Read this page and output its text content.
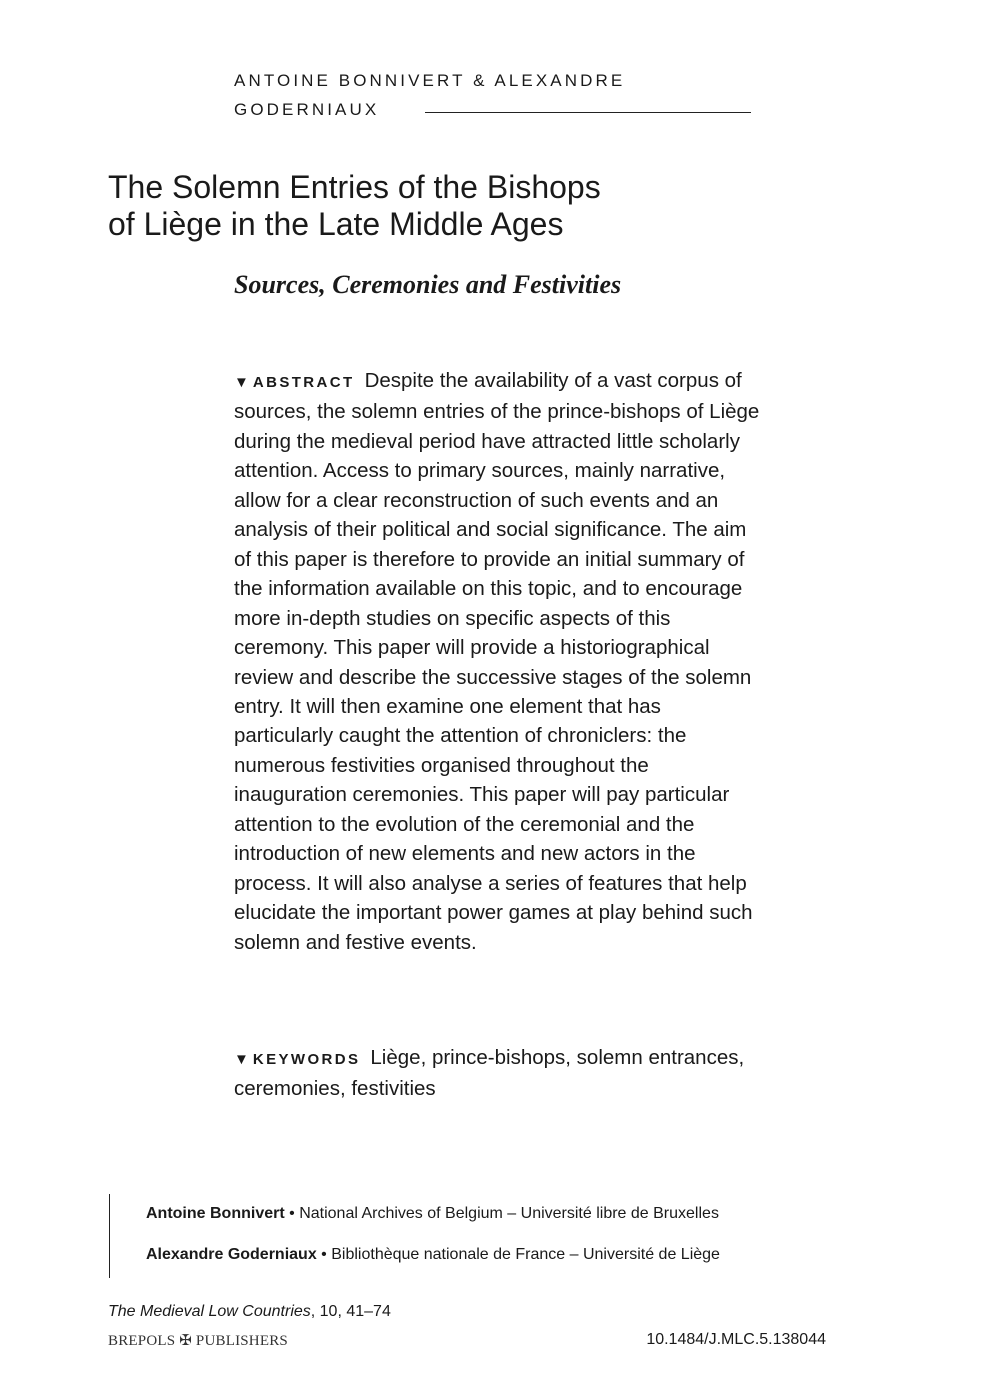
ANTOINE BONNIVERT & ALEXANDRE
GODERNIAUX
The Solemn Entries of the Bishops
of Liège in the Late Middle Ages
Sources, Ceremonies and Festivities

▼ ABSTRACT Despite the availability of a vast corpus of sources, the solemn entries of the prince-bishops of Liège during the medieval period have attracted little scholarly attention. Access to primary sources, mainly narrative, allow for a clear reconstruction of such events and an analysis of their political and social significance. The aim of this paper is therefore to provide an initial summary of the information available on this topic, and to encourage more in-depth studies on specific aspects of this ceremony. This paper will provide a historiographical review and describe the successive stages of the solemn entry. It will then examine one element that has particularly caught the attention of chroniclers: the numerous festivities organised throughout the inauguration ceremonies. This paper will pay particular attention to the evolution of the ceremonial and the introduction of new elements and new actors in the process. It will also analyse a series of features that help elucidate the important power games at play behind such solemn and festive events.

▼ KEYWORDS Liège, prince-bishops, solemn entrances, ceremonies, festivities

Antoine Bonnivert • National Archives of Belgium – Université libre de Bruxelles
Alexandre Goderniaux • Bibliothèque nationale de France – Université de Liège
The Medieval Low Countries, 10, 41–74
BREPOLS ✠ PUBLISHERS	10.1484/J.MLC.5.138044
